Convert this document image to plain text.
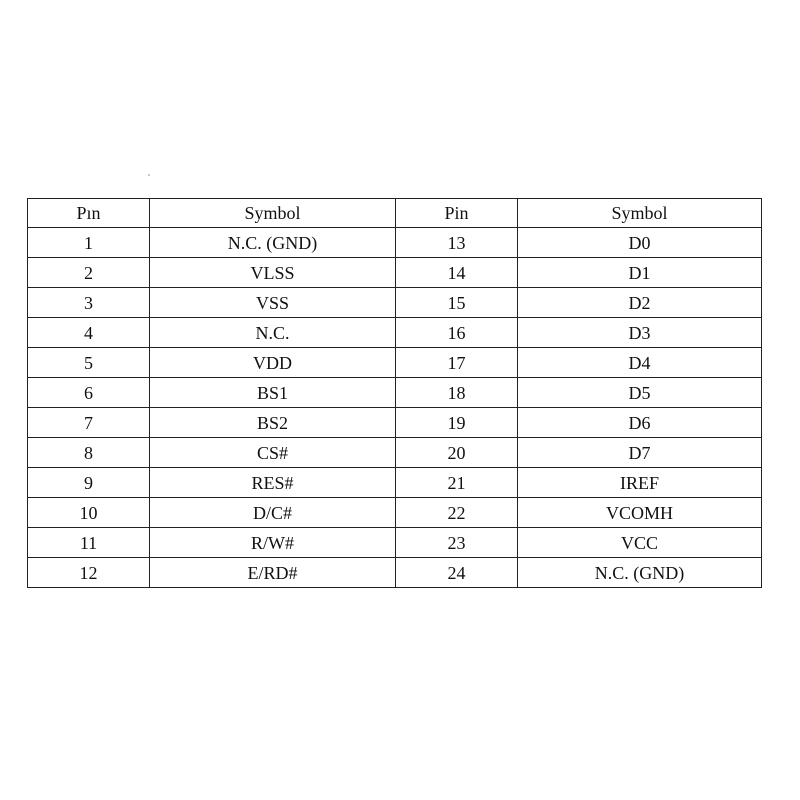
Pın	Symbol	Pin	Symbol
1	N.C. (GND)	13	D0
2	VLSS	14	D1
3	VSS	15	D2
4	N.C.	16	D3
5	VDD	17	D4
6	BS1	18	D5
7	BS2	19	D6
8	CS#	20	D7
9	RES#	21	IREF
10	D/C#	22	VCOMH
11	R/W#	23	VCC
12	E/RD#	24	N.C. (GND)
